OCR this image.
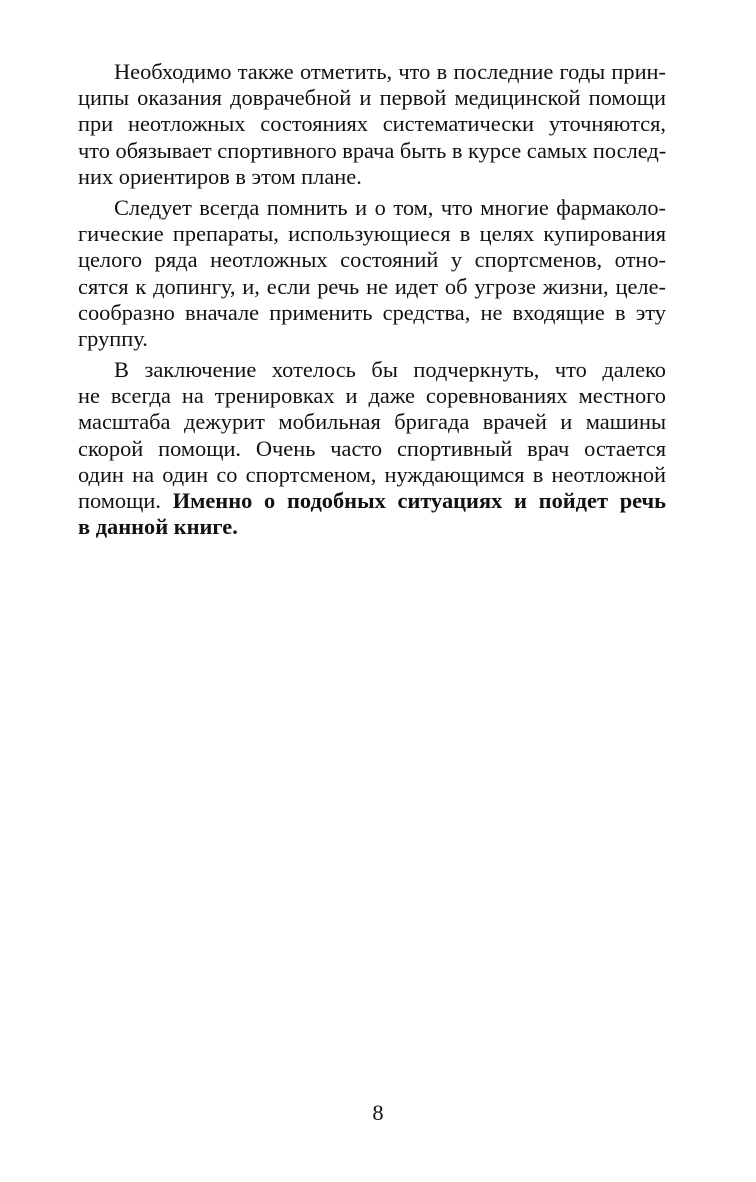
Необходимо также отметить, что в последние годы прин-
ципы оказания доврачебной и первой медицинской помощи
при неотложных состояниях систематически уточняются,
что обязывает спортивного врача быть в курсе самых послед-
них ориентиров в этом плане.
Следует всегда помнить и о том, что многие фармаколо-
гические препараты, использующиеся в целях купирования
целого ряда неотложных состояний у спортсменов, отно-
сятся к допингу, и, если речь не идет об угрозе жизни, целе-
сообразно вначале применить средства, не входящие в эту
группу.
В заключение хотелось бы подчеркнуть, что далеко
не всегда на тренировках и даже соревнованиях местного
масштаба дежурит мобильная бригада врачей и машины
скорой помощи. Очень часто спортивный врач остается
один на один со спортсменом, нуждающимся в неотложной
помощи. Именно о подобных ситуациях и пойдет речь
в данной книге.
8
